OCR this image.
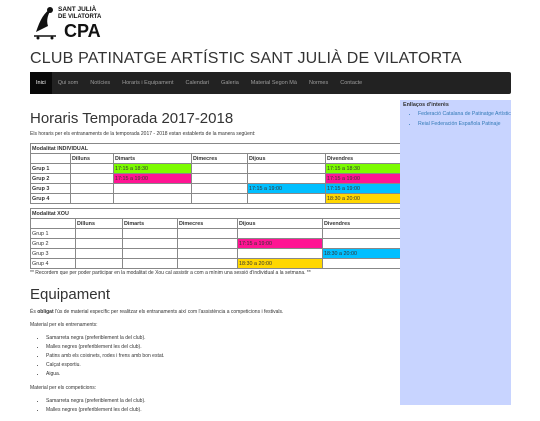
SANT JULIÀ
DE VILATORTA
CPA
CLUB PATINATGE ARTÍSTIC SANT JULIÀ DE VILATORTA
Inici	Qui som	Notícies	Horaris i Equipament	Calendari	Galeria	Material Segon Mà	Normes	Contacte
Horaris Temporada 2017-2018
Els horaris per els entranaments de la temporada 2017 - 2018 estan establerts de la manera següent:
Modalitat INDIVIDUAL					
	Dilluns	Dimarts	Dimecres	Dijous	Divendres
Grup 1		17:15 a 18:30			17:15 a 18:30
Grup 2		17:15 a 19:00			17:15 a 19:00
Grup 3				17:15 a 19:00	17:15 a 19:00
Grup 4					18:30 a 20:00
Modalitat XOU					
	Dilluns	Dimarts	Dimecres	Dijous	Divendres
Grup 1					
Grup 2				17:15 a 19:00	
Grup 3					18:30 a 20:00
Grup 4				18:30 a 20:00	
** Recordem que per poder participar en la modalitat de Xou cal assistir a com a mínim una sessió d'individual a la setmana. **
Equipament
És obligat l'ús de material específic per realitzar els entranaments així com l'assistència a competicions i festivals.
Material per els entrenaments:
• Samarreta negra (preferiblement la del club).
• Malles negres (preferiblement les del club).
• Patins amb els coixinets, rodes i frens amb bon estat.
• Calçat esportiu.
• Aigua.
Material per els competicions:
• Samarreta negra (preferiblement la del club).
• Malles negres (preferiblement les del club).
Enllaços d'interès
• Federació Catalana de Patinatge Artístic
• Reial Federación Española Patinaje
